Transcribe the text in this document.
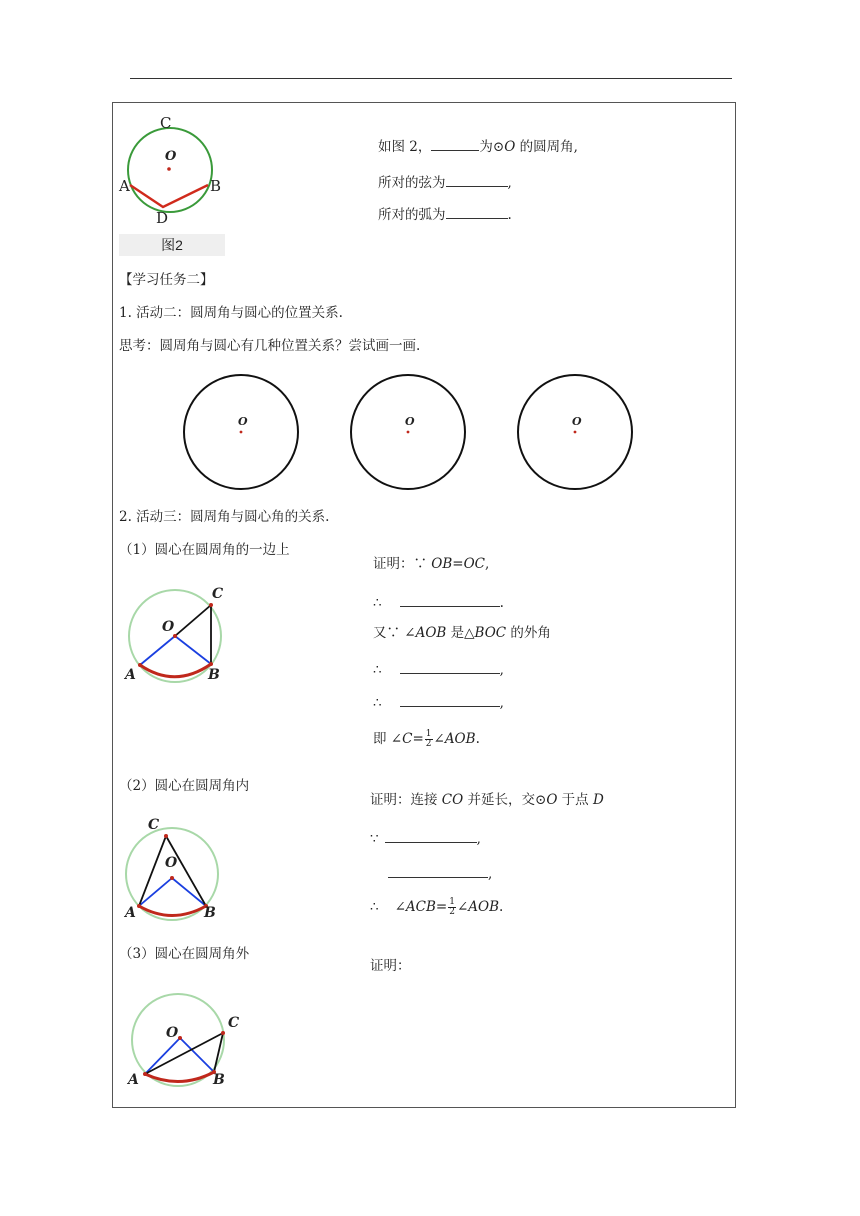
C
O
A	B
D
图2
如图 2，	为⊙O 的圆周角,
所对的弦为	,
所对的弧为	.
【学习任务二】
1. 活动二：圆周角与圆心的位置关系.
思考：圆周角与圆心有几种位置关系？尝试画一画.
O	O	O
2. 活动三：圆周角与圆心角的关系.
（1）圆心在圆周角的一边上
C
O
A	B
证明：∵ OB=OC,
∴	.
又∵ ∠AOB 是△BOC 的外角
∴	,
∴	,
即 ∠C= $\frac{1}{2}$ ∠AOB.
（2）圆心在圆周角内
C
O
A	B
证明：连接 CO 并延长，交⊙O 于点 D
∵	,
,
∴ ∠ACB= $\frac{1}{2}$ ∠AOB.
（3）圆心在圆周角外
C
O
A	B
证明：
